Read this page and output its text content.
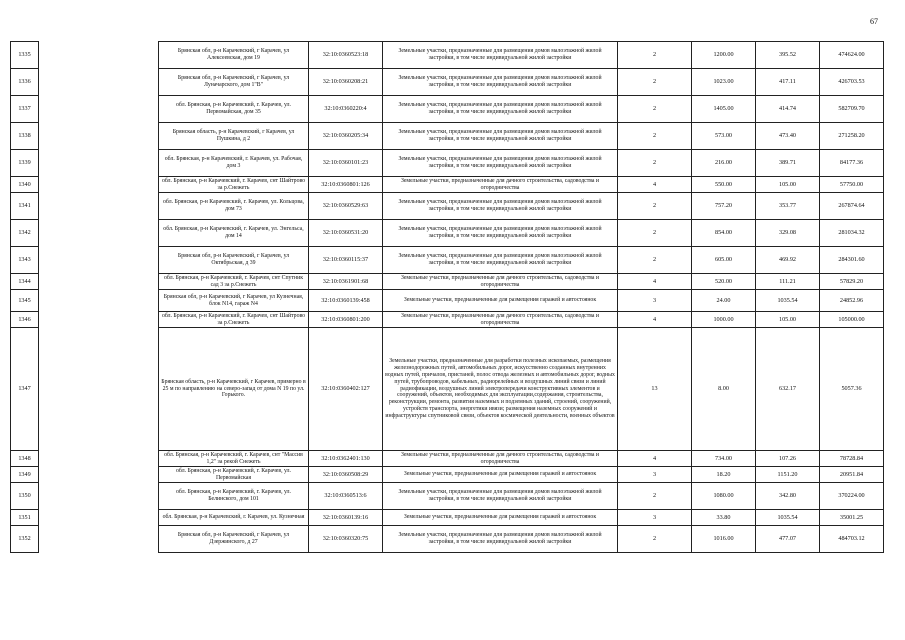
67
1335		Брянская обл, р-н Карачевский, г Карачев, ул Алексеевская, дом 19	32:10:0360523:18	Земельные участки, предназначенные для размещения домов малоэтажной жилой застройки, в том числе индивидуальной жилой застройки	2	1200.00	395.52	474624.00
1336		Брянская обл, р-н Карачевский, г Карачев, ул Луначарского, дом 1"В"	32:10:0360208:21	Земельные участки, предназначенные для размещения домов малоэтажной жилой застройки, в том числе индивидуальной жилой застройки	2	1023.00	417.11	426703.53
1337		обл. Брянская, р-н Карачевский, г. Карачев, ул. Первомайская, дом 35	32:10:0360220:4	Земельные участки, предназначенные для размещения домов малоэтажной жилой застройки, в том числе индивидуальной жилой застройки	2	1405.00	414.74	582709.70
1338		Брянская область, р-н Карачевский, г Карачев, ул Пушкина, д 2	32:10:0360205:34	Земельные участки, предназначенные для размещения домов малоэтажной жилой застройки, в том числе индивидуальной жилой застройки	2	573.00	473.40	271258.20
1339		обл. Брянская, р-н Карачевский, г. Карачев, ул. Рабочая, дом 3	32:10:0360101:23	Земельные участки, предназначенные для размещения домов малоэтажной жилой застройки, в том числе индивидуальной жилой застройки	2	216.00	389.71	84177.36
1340		обл. Брянская, р-н Карачевский, г. Карачев, снт Шайтрово за р.Снежеть	32:10:0360801:126	Земельные участки, предназначенные для дачного строительства, садоводства и огородничества	4	550.00	105.00	57750.00
1341		обл. Брянская, р-н Карачевский, г. Карачев, ул. Кольцова, дом 73	32:10:0360529:63	Земельные участки, предназначенные для размещения домов малоэтажной жилой застройки, в том числе индивидуальной жилой застройки	2	757.20	353.77	267874.64
1342		обл. Брянская, р-н Карачевский, г. Карачев, ул. Энгельса, дом 14	32:10:0360531:20	Земельные участки, предназначенные для размещения домов малоэтажной жилой застройки, в том числе индивидуальной жилой застройки	2	854.00	329.08	281034.32
1343		Брянская обл, р-н Карачевский, г Карачев, ул Октябрьская, д 39	32:10:0360115:37	Земельные участки, предназначенные для размещения домов малоэтажной жилой застройки, в том числе индивидуальной жилой застройки	2	605.00	469.92	284301.60
1344		обл. Брянская, р-н Карачевский, г. Карачев, снт Спутник сад 3 за р.Снежеть	32:10:0361901:68	Земельные участки, предназначенные для дачного строительства, садоводства и огородничества	4	520.00	111.21	57829.20
1345		Брянская обл, р-н Карачевский, г Карачев, ул Кузнечная, блок N14, гараж N4	32:10:0360139:458	Земельные участки, предназначенные для размещения гаражей и автостоянок	3	24.00	1035.54	24852.96
1346		обл. Брянская, р-н Карачевский, г. Карачев, снт Шайтрово за р.Снежеть	32:10:0360801:200	Земельные участки, предназначенные для дачного строительства, садоводства и огородничества	4	1000.00	105.00	105000.00
1347		Брянская область, р-н Карачевский, г Карачев, примерно в 25 м по направлению на северо-запад от дома N 19 по ул. Горького.	32:10:0360402:127	Земельные участки, предназначенные для разработки полезных ископаемых, размещения железнодорожных путей, автомобильных дорог, искусственно созданных внутренних водных путей, причалов, пристаней, полос отвода железных и автомобильных дорог, водных путей, трубопроводов, кабельных, радиорелейных и воздушных линий связи и линий радиофикации, воздушных линий электропередачи конструктивных элементов и сооружений, объектов, необходимых для эксплуатации,содержания, строительства, реконструкции, ремонта, развития наземных и подземных зданий, строений, сооружений, устройств транспорта, энергетики ивязи; размещения наземных сооружений и инфраструктуры спутниковой связи, объектов космической деятельности, военных объектов	13	8.00	632.17	5057.36
1348		обл. Брянская, р-н Карачевский, г. Карачев, снт "Массив 1,2" за рекой Снежеть	32:10:0362401:130	Земельные участки, предназначенные для дачного строительства, садоводства и огородничества	4	734.00	107.26	78728.84
1349		обл. Брянская, р-н Карачевский, г. Карачев, ул. Первомайская	32:10:0360508:29	Земельные участки, предназначенные для размещения гаражей и автостоянок	3	18.20	1151.20	20951.84
1350		обл. Брянская, р-н Карачевский, г. Карачев, ул. Белинского, дом 101	32:10:0360513:6	Земельные участки, предназначенные для размещения домов малоэтажной жилой застройки, в том числе индивидуальной жилой застройки	2	1080.00	342.80	370224.00
1351		обл. Брянская, р-н Карачевский, г. Карачев, ул. Кузнечная	32:10:0360139:16	Земельные участки, предназначенные для размещения гаражей и автостоянок	3	33.80	1035.54	35001.25
1352		Брянская обл, р-н Карачевский, г Карачев, ул Дзержинского, д 27	32:10:0360320:75	Земельные участки, предназначенные для размещения домов малоэтажной жилой застройки, в том числе индивидуальной жилой застройки	2	1016.00	477.07	484703.12
